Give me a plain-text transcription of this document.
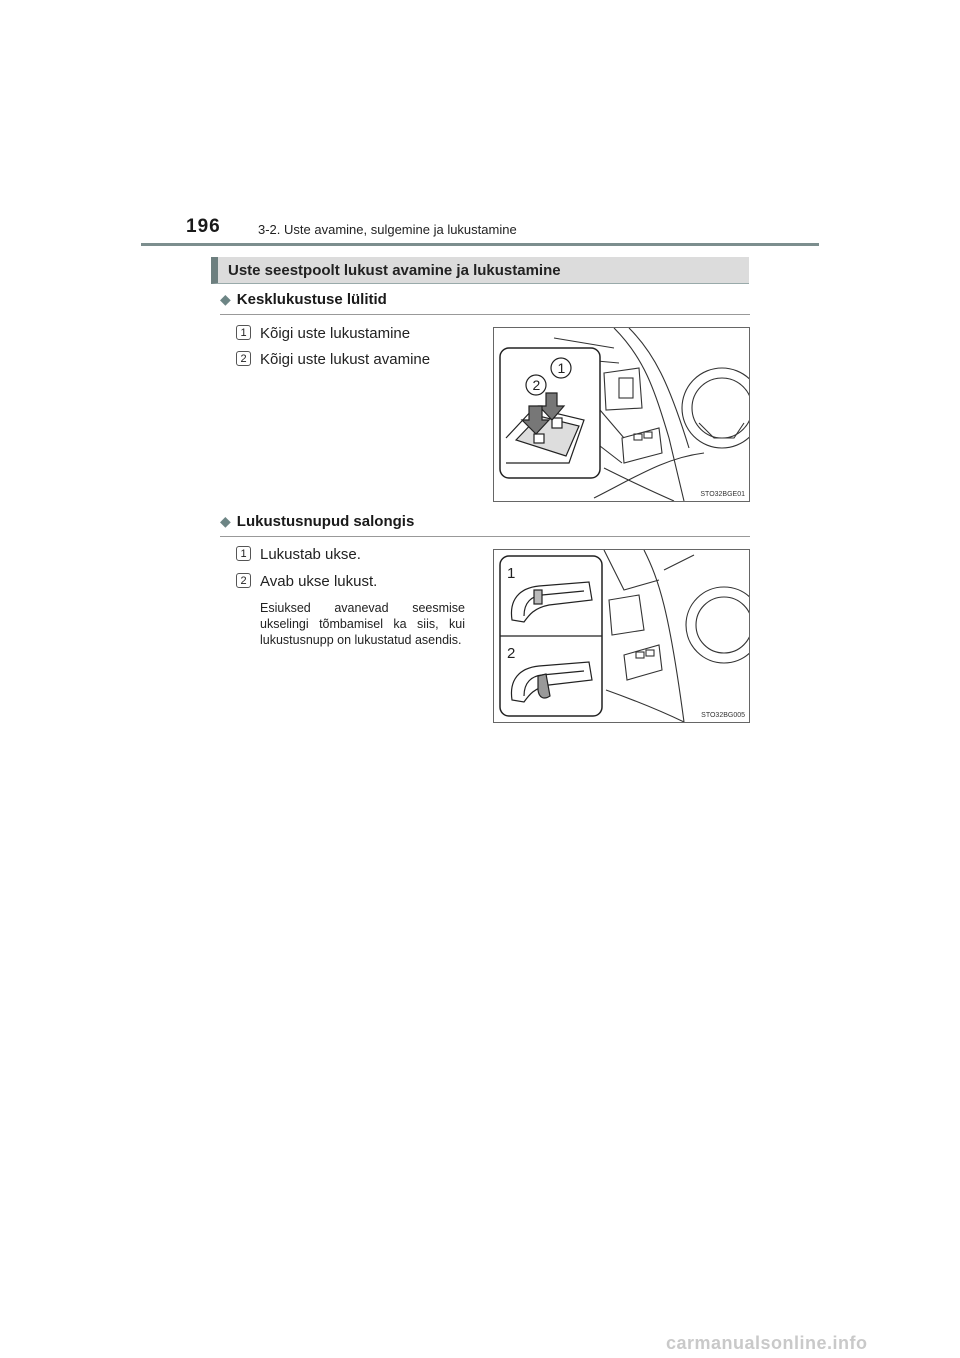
196	3-2. Uste avamine, sulgemine ja lukustamine
Uste seestpoolt lukust avamine ja lukustamine
◆ Kesklukustuse lülitid
1 Kõigi uste lukustamine
2 Kõigi uste lukust avamine	1
2
STO32BGE01
◆ Lukustusnupud salongis
1 Lukustab ukse.
2 Avab ukse lukust.
Esiuksed avanevad seesmise ukselingi tõmbamisel ka siis, kui lukustusnupp on lukustatud asendis.
1
2
STO32BG005
carmanualsonline.info
